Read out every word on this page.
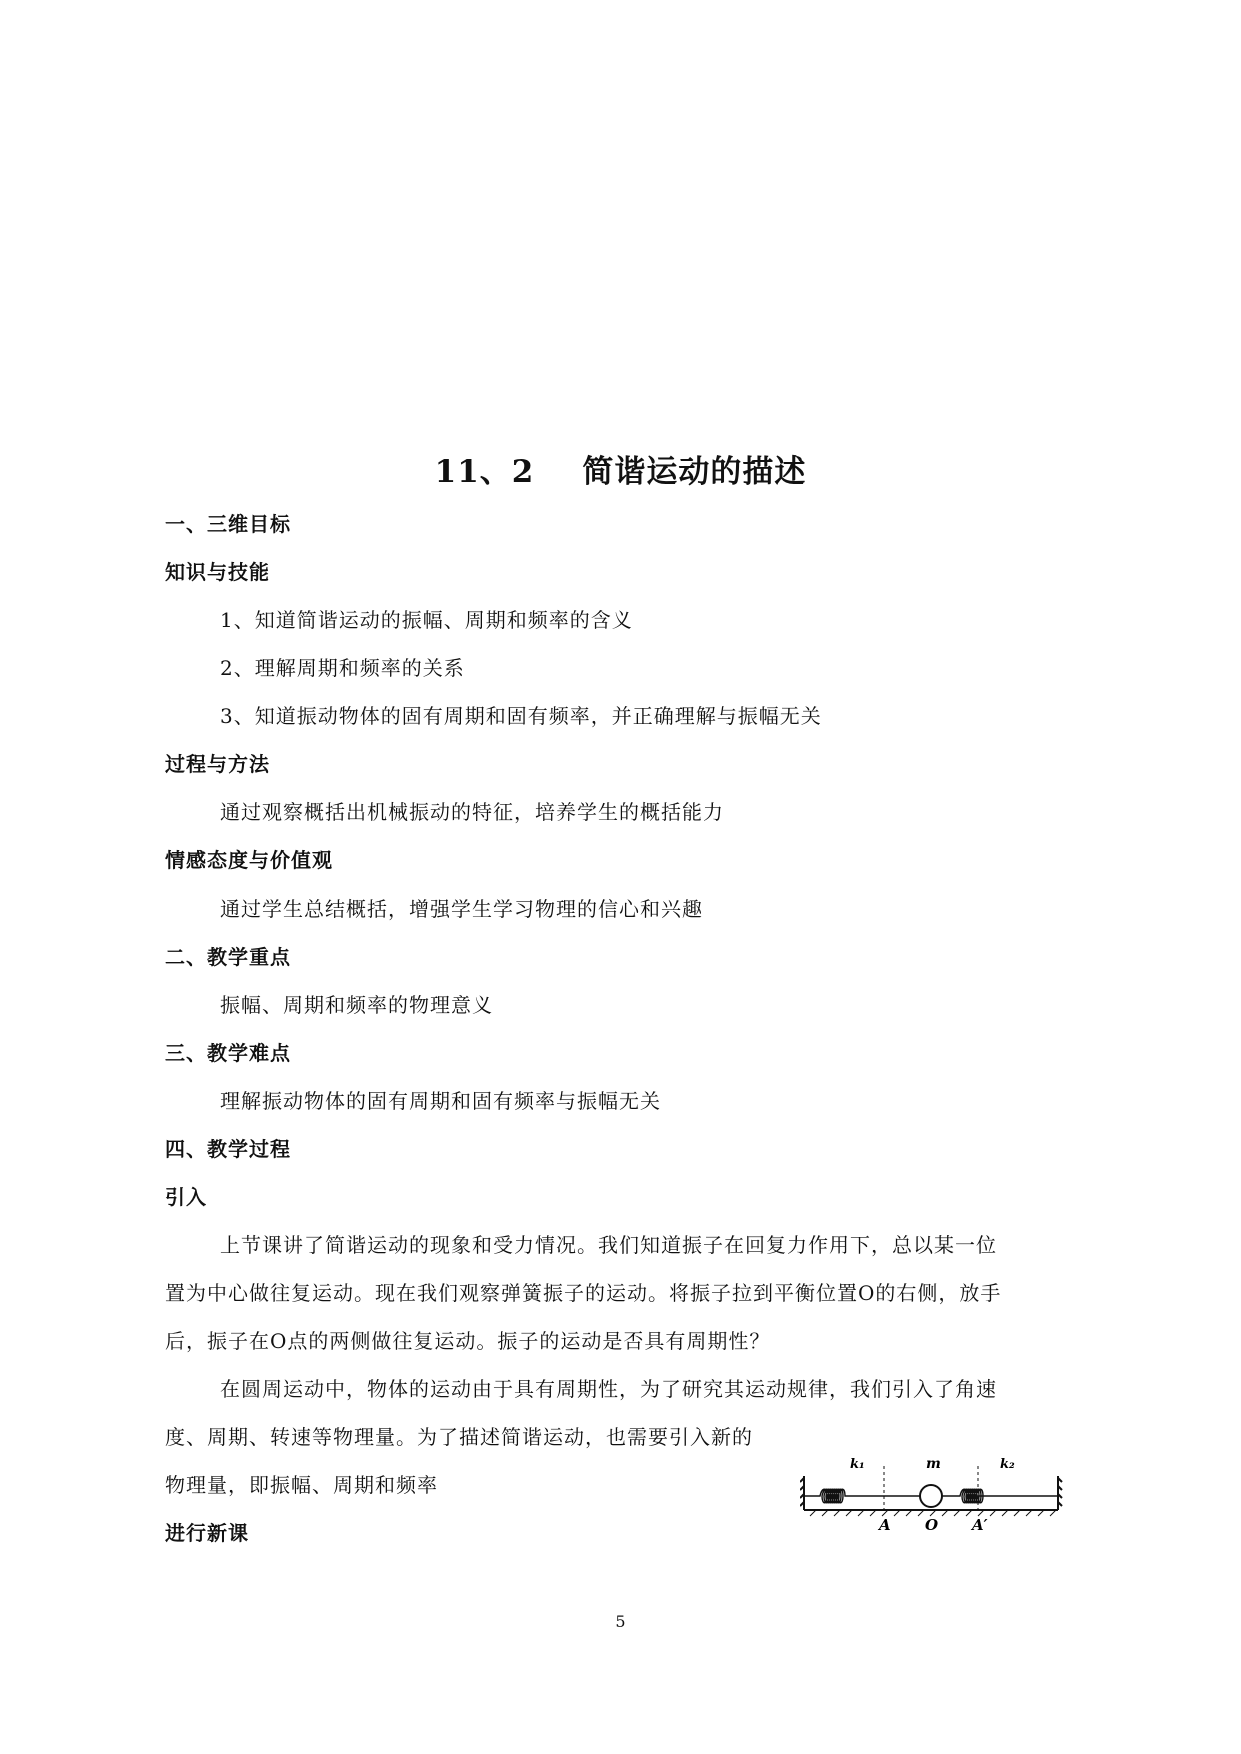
11、2 简谐运动的描述
一、三维目标
知识与技能
1、知道简谐运动的振幅、周期和频率的含义
2、理解周期和频率的关系
3、知道振动物体的固有周期和固有频率，并正确理解与振幅无关
过程与方法
通过观察概括出机械振动的特征，培养学生的概括能力
情感态度与价值观
通过学生总结概括，增强学生学习物理的信心和兴趣
二、教学重点
振幅、周期和频率的物理意义
三、教学难点
理解振动物体的固有周期和固有频率与振幅无关
四、教学过程
引入
上节课讲了简谐运动的现象和受力情况。我们知道振子在回复力作用下，总以某一位
置为中心做往复运动。现在我们观察弹簧振子的运动。将振子拉到平衡位置O的右侧，放手
后，振子在O点的两侧做往复运动。振子的运动是否具有周期性？
在圆周运动中，物体的运动由于具有周期性，为了研究其运动规律，我们引入了角速
度、周期、转速等物理量。为了描述简谐运动，也需要引入新的
物理量，即振幅、周期和频率
进行新课
k₁	m	k₂
A O A′
5
